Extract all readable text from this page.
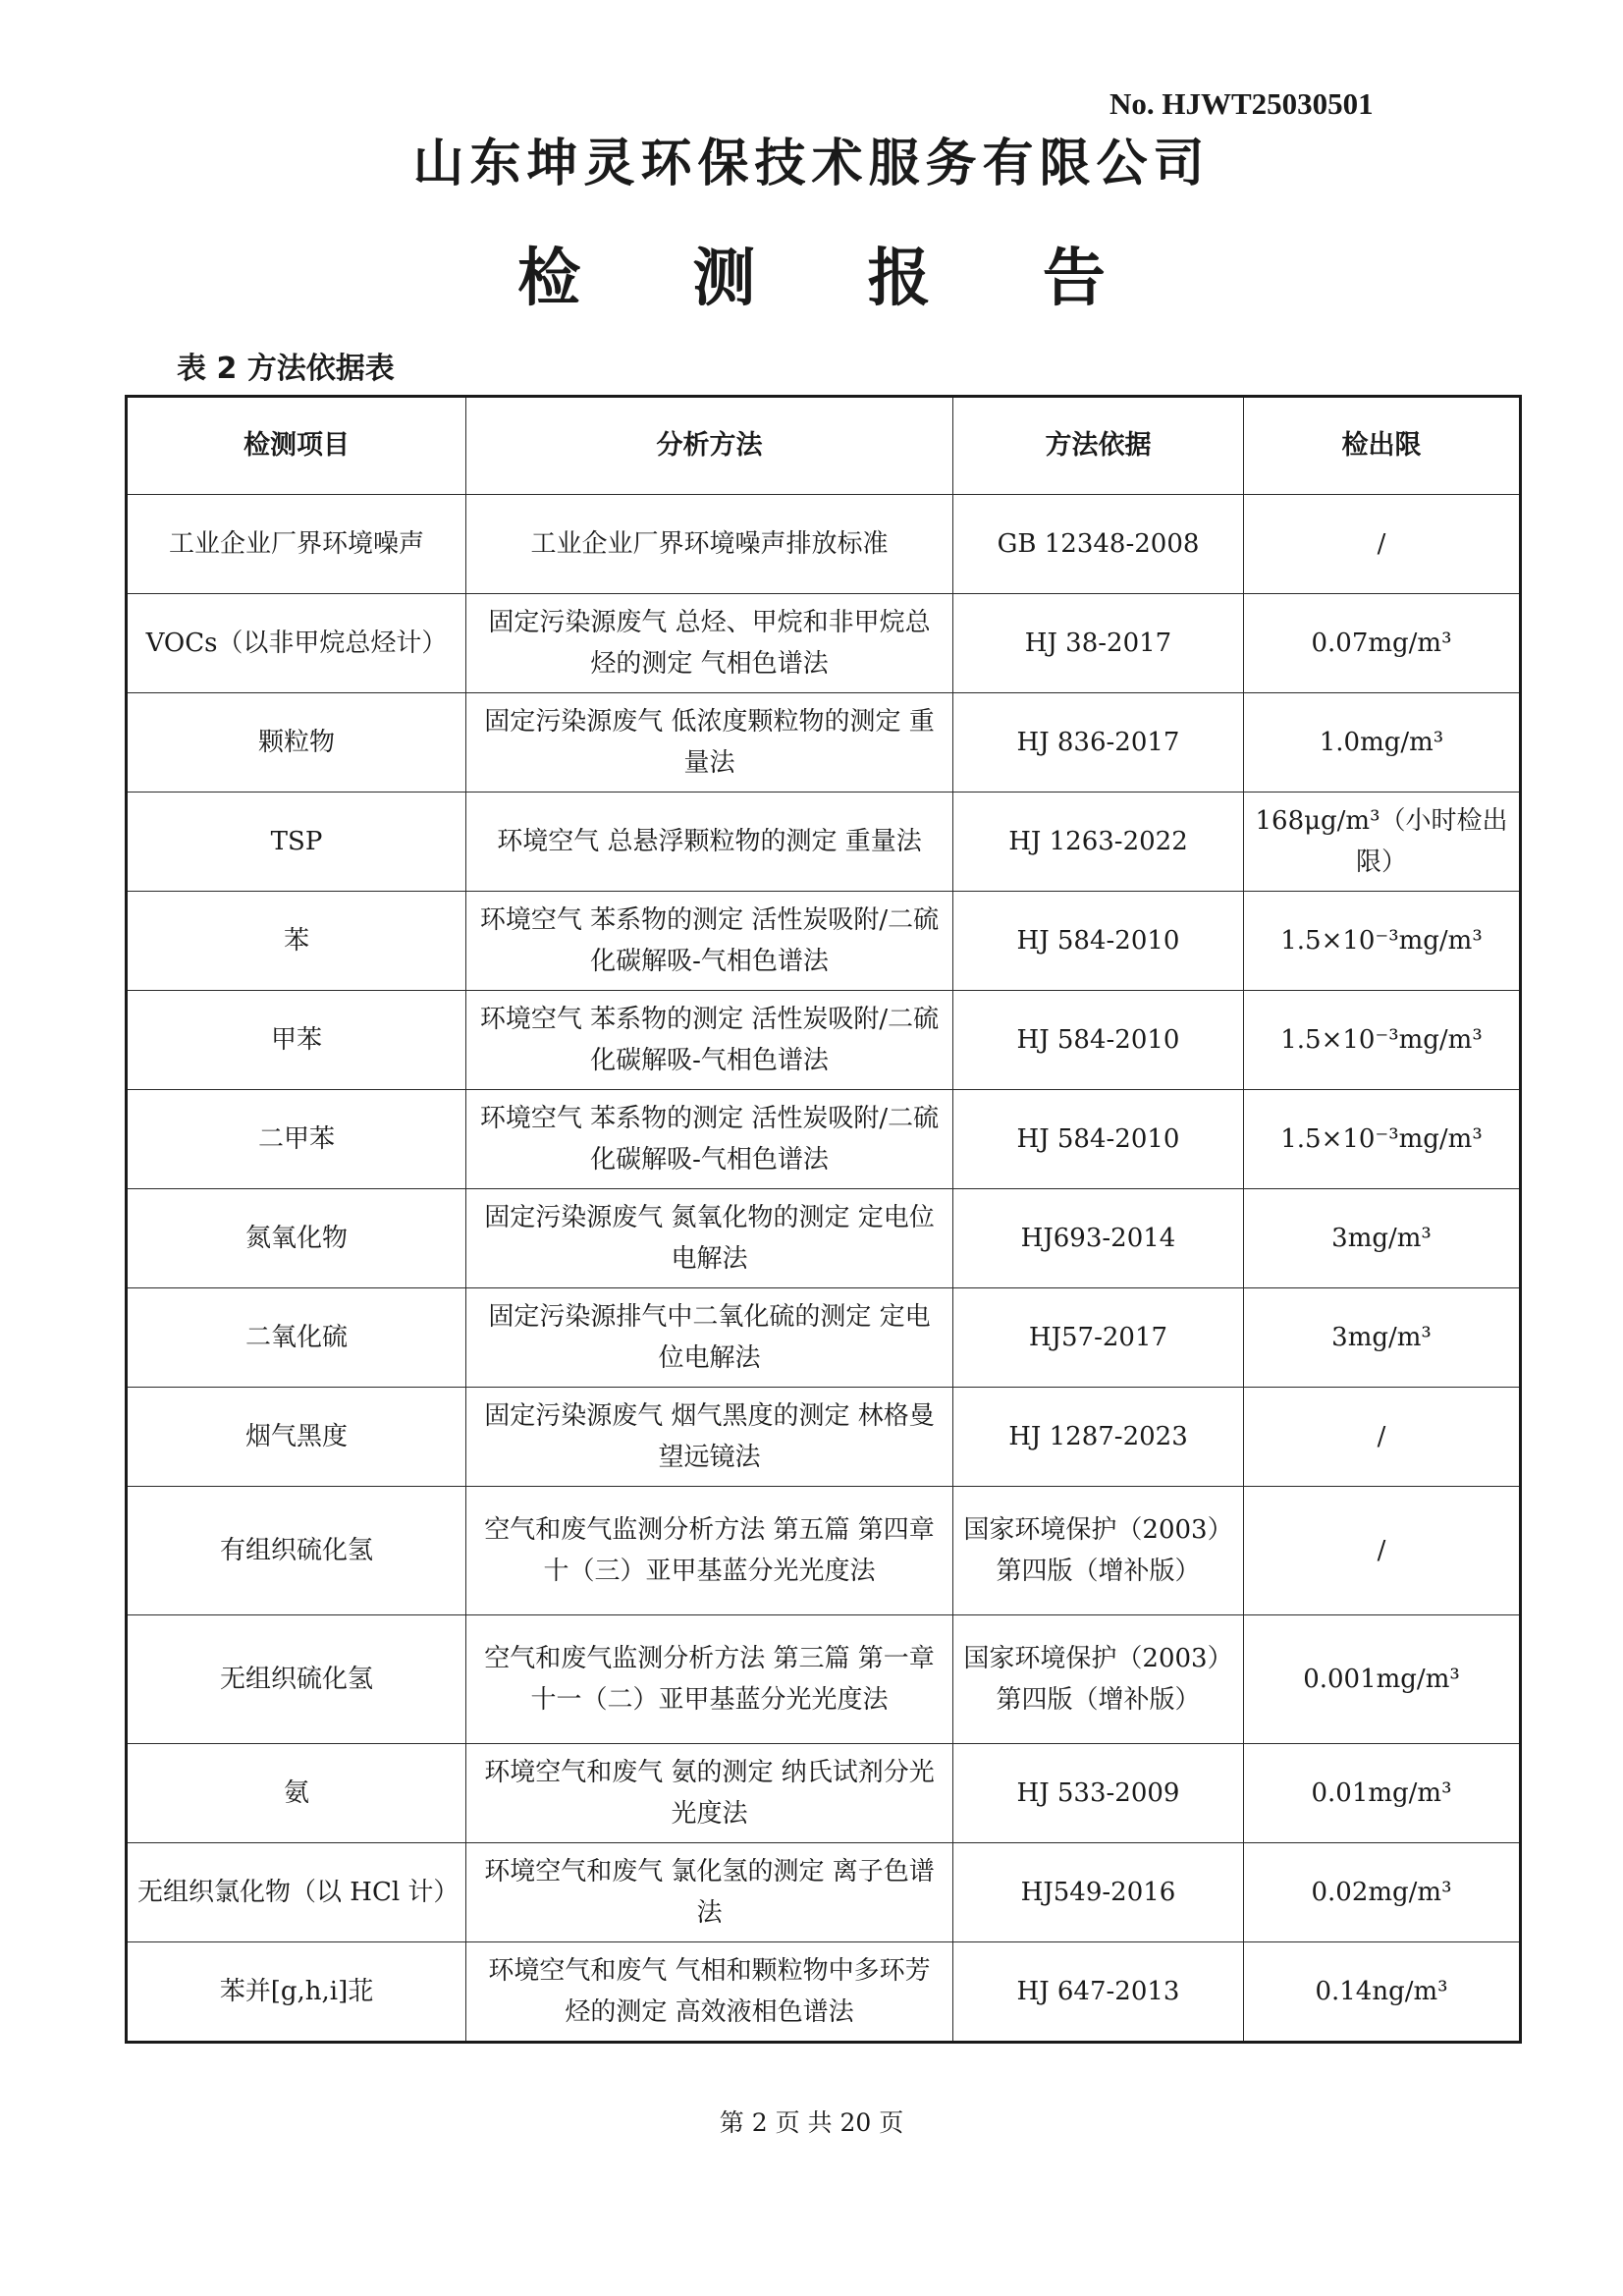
No. HJWT25030501
山东坤灵环保技术服务有限公司
检 测 报 告
表 2 方法依据表
检测项目	分析方法	方法依据	检出限
工业企业厂界环境噪声	工业企业厂界环境噪声排放标准	GB 12348-2008	/
VOCs（以非甲烷总烃计）	固定污染源废气 总烃、甲烷和非甲烷总烃的测定 气相色谱法	HJ 38-2017	0.07mg/m³
颗粒物	固定污染源废气 低浓度颗粒物的测定 重量法	HJ 836-2017	1.0mg/m³
TSP	环境空气 总悬浮颗粒物的测定 重量法	HJ 1263-2022	168μg/m³（小时检出限）
苯	环境空气 苯系物的测定 活性炭吸附/二硫化碳解吸-气相色谱法	HJ 584-2010	1.5×10⁻³mg/m³
甲苯	环境空气 苯系物的测定 活性炭吸附/二硫化碳解吸-气相色谱法	HJ 584-2010	1.5×10⁻³mg/m³
二甲苯	环境空气 苯系物的测定 活性炭吸附/二硫化碳解吸-气相色谱法	HJ 584-2010	1.5×10⁻³mg/m³
氮氧化物	固定污染源废气 氮氧化物的测定 定电位电解法	HJ693-2014	3mg/m³
二氧化硫	固定污染源排气中二氧化硫的测定 定电位电解法	HJ57-2017	3mg/m³
烟气黑度	固定污染源废气 烟气黑度的测定 林格曼望远镜法	HJ 1287-2023	/
有组织硫化氢	空气和废气监测分析方法 第五篇 第四章十（三）亚甲基蓝分光光度法	国家环境保护（2003）第四版（增补版）	/
无组织硫化氢	空气和废气监测分析方法 第三篇 第一章 十一（二）亚甲基蓝分光光度法	国家环境保护（2003）第四版（增补版）	0.001mg/m³
氨	环境空气和废气 氨的测定 纳氏试剂分光光度法	HJ 533-2009	0.01mg/m³
无组织氯化物（以 HCl 计）	环境空气和废气 氯化氢的测定 离子色谱法	HJ549-2016	0.02mg/m³
苯并[g,h,i]苝	环境空气和废气 气相和颗粒物中多环芳烃的测定 高效液相色谱法	HJ 647-2013	0.14ng/m³
第 2 页 共 20 页
